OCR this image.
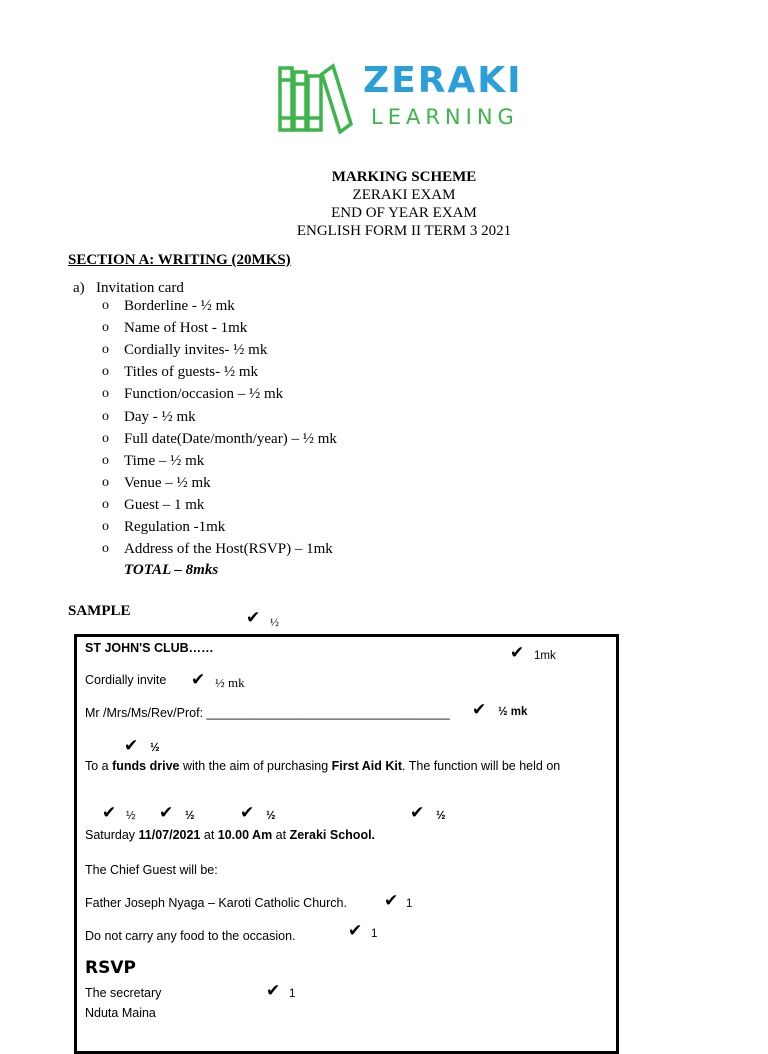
ZERAKI
LEARNING
MARKING SCHEME
ZERAKI EXAM
END OF YEAR EXAM
ENGLISH FORM II TERM 3 2021
SECTION A: WRITING (20MKS)
a) Invitation card
o Borderline - ½ mk
o Name of Host - 1mk
o Cordially invites- ½ mk
o Titles of guests- ½ mk
o Function/occasion – ½ mk
o Day - ½ mk
o Full date(Date/month/year) – ½ mk
o Time – ½ mk
o Venue – ½ mk
o Guest – 1 mk
o Regulation -1mk
o Address of the Host(RSVP) – 1mk
TOTAL – 8mks
SAMPLE	✔ ½
ST JOHN'S CLUB……	✔ 1mk
Cordially invite ✔ ½ mk
Mr /Mrs/Ms/Rev/Prof: ___________________________________ ✔ ½ mk
✔ ½
To a funds drive with the aim of purchasing First Aid Kit. The function will be held on
✔ ½ ✔ ½	✔ ½	✔ ½
Saturday 11/07/2021 at 10.00 Am at Zeraki School.
The Chief Guest will be:
Father Joseph Nyaga – Karoti Catholic Church. ✔ 1
Do not carry any food to the occasion.	✔ 1
RSVP
The secretary	✔ 1
Nduta Maina
